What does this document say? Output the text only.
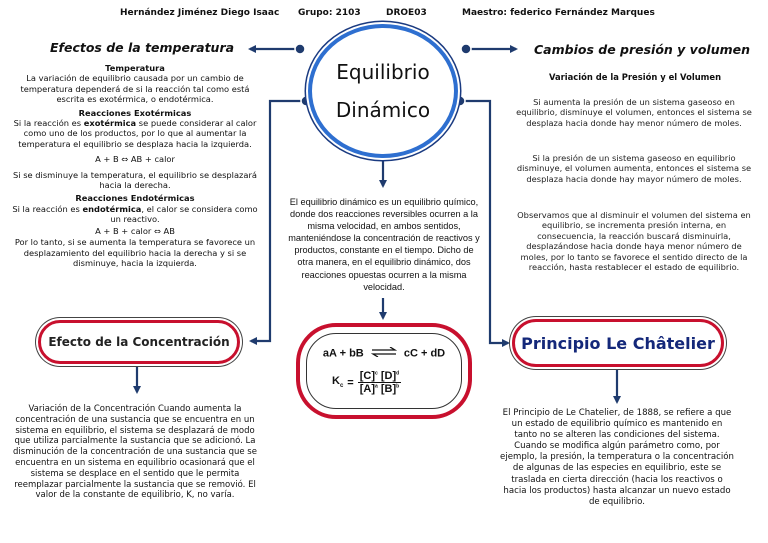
Hernández Jiménez Diego Isaac Grupo: 2103	DROE03	Maestro: federico Fernández Marques
Equilibrio
Dinámico
El equilibrio dinámico es un equilibrio químico, donde dos reacciones reversibles ocurren a la misma velocidad, en ambos sentidos, manteniéndose la concentración de reactivos y productos, constante en el tiempo. Dicho de otra manera, en el equilibrio dinámico, dos reacciones opuestas ocurren a la misma velocidad.
aA + bB ⇌ cC + dD
$K_c = \frac{[C]^c [D]^d}{[A]^a [B]^b}$
Efectos de la temperatura

Temperatura

La variación de equilibrio causada por un cambio de temperatura dependerá de si la reacción tal como está escrita es exotérmica, o endotérmica.

Reacciones Exotérmicas

Si la reacción es exotérmica se puede considerar al calor como uno de los productos, por lo que al aumentar la temperatura el equilibrio se desplaza hacia la izquierda.

A + B ⇔ AB + calor

Si se disminuye la temperatura, el equilibrio se desplazará hacia la derecha.

Reacciones Endotérmicas

Si la reacción es endotérmica, el calor se considera como un reactivo.

A + B + calor ⇔ AB

Por lo tanto, si se aumenta la temperatura se favorece un desplazamiento del equilibrio hacia la derecha y si se disminuye, hacia la izquierda.

Cambios de presión y volumen
Variación de la Presión y el Volumen
Si aumenta la presión de un sistema gaseoso en equilibrio, disminuye el volumen, entonces el sistema se desplaza hacia donde hay menor número de moles.
Si la presión de un sistema gaseoso en equilibrio disminuye, el volumen aumenta, entonces el sistema se desplaza hacia donde hay mayor número de moles.
Observamos que al disminuir el volumen del sistema en equilibrio, se incrementa presión interna, en consecuencia, la reacción buscará disminuirla, desplazándose hacia donde haya menor número de moles, por lo tanto se favorece el sentido directo de la reacción, hasta restablecer el estado de equilibrio.
Efecto de la Concentración
Variación de la Concentración Cuando aumenta la concentración de una sustancia que se encuentra en un sistema en equilibrio, el sistema se desplazará de modo que utiliza parcialmente la sustancia que se adicionó. La disminución de la concentración de una sustancia que se encuentra en un sistema en equilibrio ocasionará que el sistema se desplace en el sentido que le permita reemplazar parcialmente la sustancia que se removió. El valor de la constante de equilibrio, K, no varía.
Principio Le Châtelier
El Principio de Le Chatelier, de 1888, se refiere a que un estado de equilibrio químico es mantenido en tanto no se alteren las condiciones del sistema. Cuando se modifica algún parámetro como, por ejemplo, la presión, la temperatura o la concentración de algunas de las especies en equilibrio, este se traslada en cierta dirección (hacia los reactivos o hacia los productos) hasta alcanzar un nuevo estado de equilibrio.
